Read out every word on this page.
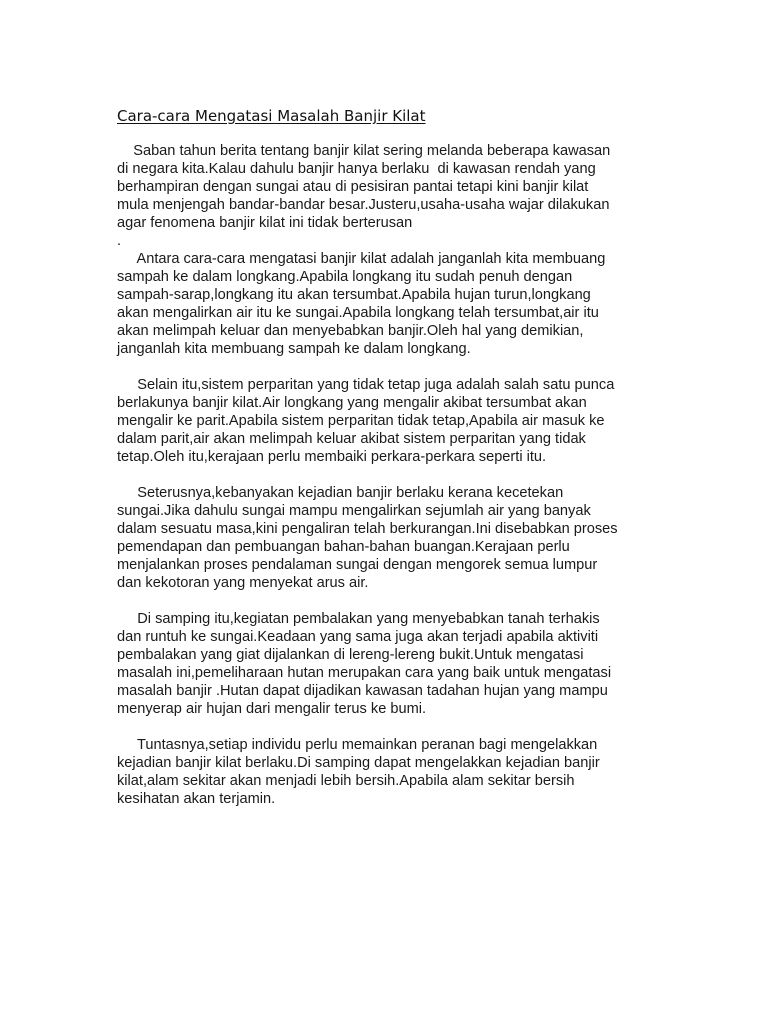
Cara-cara Mengatasi Masalah Banjir Kilat
Saban tahun berita tentang banjir kilat sering melanda beberapa kawasan
di negara kita.Kalau dahulu banjir hanya berlaku  di kawasan rendah yang
berhampiran dengan sungai atau di pesisiran pantai tetapi kini banjir kilat
mula menjengah bandar-bandar besar.Justeru,usaha-usaha wajar dilakukan
agar fenomena banjir kilat ini tidak berterusan
.
Antara cara-cara mengatasi banjir kilat adalah janganlah kita membuang
sampah ke dalam longkang.Apabila longkang itu sudah penuh dengan
sampah-sarap,longkang itu akan tersumbat.Apabila hujan turun,longkang
akan mengalirkan air itu ke sungai.Apabila longkang telah tersumbat,air itu
akan melimpah keluar dan menyebabkan banjir.Oleh hal yang demikian,
janganlah kita membuang sampah ke dalam longkang.
Selain itu,sistem perparitan yang tidak tetap juga adalah salah satu punca
berlakunya banjir kilat.Air longkang yang mengalir akibat tersumbat akan
mengalir ke parit.Apabila sistem perparitan tidak tetap,Apabila air masuk ke
dalam parit,air akan melimpah keluar akibat sistem perparitan yang tidak
tetap.Oleh itu,kerajaan perlu membaiki perkara-perkara seperti itu.
Seterusnya,kebanyakan kejadian banjir berlaku kerana kecetekan
sungai.Jika dahulu sungai mampu mengalirkan sejumlah air yang banyak
dalam sesuatu masa,kini pengaliran telah berkurangan.Ini disebabkan proses
pemendapan dan pembuangan bahan-bahan buangan.Kerajaan perlu
menjalankan proses pendalaman sungai dengan mengorek semua lumpur
dan kekotoran yang menyekat arus air.
Di samping itu,kegiatan pembalakan yang menyebabkan tanah terhakis
dan runtuh ke sungai.Keadaan yang sama juga akan terjadi apabila aktiviti
pembalakan yang giat dijalankan di lereng-lereng bukit.Untuk mengatasi
masalah ini,pemeliharaan hutan merupakan cara yang baik untuk mengatasi
masalah banjir .Hutan dapat dijadikan kawasan tadahan hujan yang mampu
menyerap air hujan dari mengalir terus ke bumi.
Tuntasnya,setiap individu perlu memainkan peranan bagi mengelakkan
kejadian banjir kilat berlaku.Di samping dapat mengelakkan kejadian banjir
kilat,alam sekitar akan menjadi lebih bersih.Apabila alam sekitar bersih
kesihatan akan terjamin.
